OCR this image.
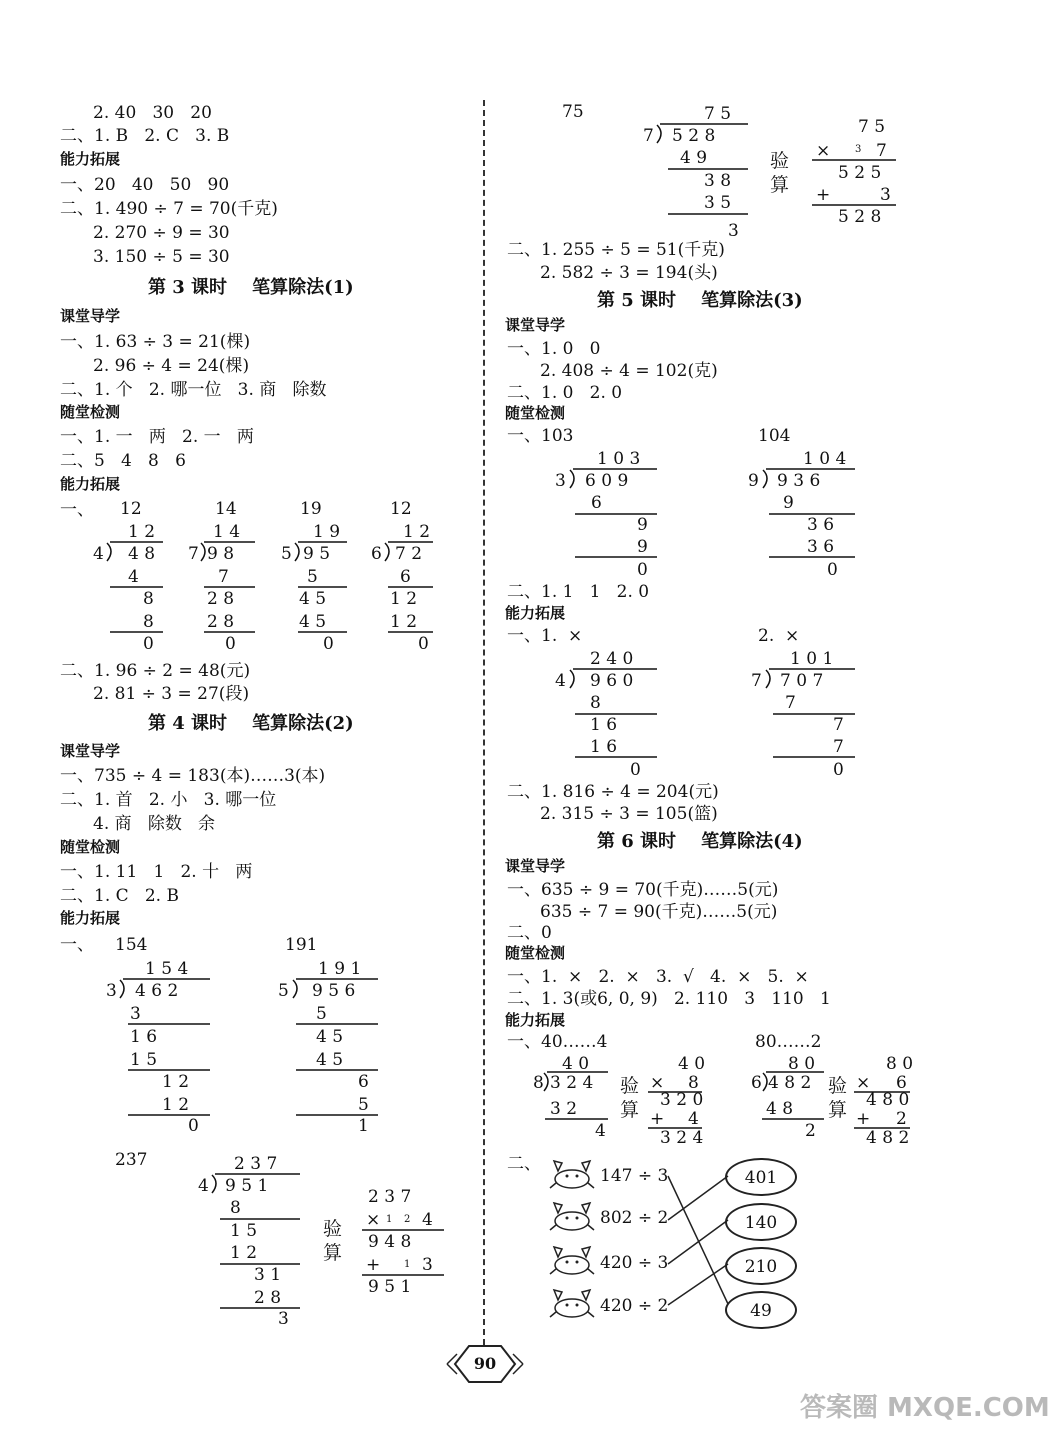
2. 40   30   20
二、1. B   2. C   3. B
能力拓展
一、20   40   50   90
二、1. 490 ÷ 7 = 70(千克)
2. 270 ÷ 9 = 30
3. 150 ÷ 5 = 30
第 3 课时    笔算除法(1)
课堂导学
一、1. 63 ÷ 3 = 21(棵)
2. 96 ÷ 4 = 24(棵)
二、1. 个   2. 哪一位   3. 商   除数
随堂检测
一、1. 一   两   2. 一   两
二、5   4   8   6
能力拓展
一、 12
1 2
4 4 8
4
8
8
0
14
1 4
7 9 8
7
2 8
2 8
0
19
1 9
5 9 5
5
4 5
4 5
0
12
1 2
6 7 2
6
1 2
1 2
0
二、1. 96 ÷ 2 = 48(元)
2. 81 ÷ 3 = 27(段)
第 4 课时    笔算除法(2)
课堂导学
一、735 ÷ 4 = 183(本)……3(本)
二、1. 首   2. 小   3. 哪一位
4. 商   除数   余
随堂检测
一、1. 11   1   2. 十   两
二、1. C   2. B
能力拓展
一、 154	191
1 5 4
3 4 6 2
3
1 6
1 5
1 2
1 2
0
1 9 1
5 9 5 6
5
4 5
4 5
6
5
1
237	2 3 7
4 9 5 1
8
1 5
1 2
3 1
2 8
3
2 3 7
× 1 2 4
9 4 8
+ 1 3
9 5 1
验
算
75	7 5
7 5 2 8
4 9
3 8
3 5
3
7 5
× 3 7
5 2 5
+	3
5 2 8
验
算
二、1. 255 ÷ 5 = 51(千克)
2. 582 ÷ 3 = 194(头)
第 5 课时    笔算除法(3)
课堂导学
一、1. 0   0
2. 408 ÷ 4 = 102(克)
二、1. 0   2. 0
随堂检测
一、103	104
1 0 3
3 6 0 9
6
9
9
0
1 0 4
9 9 3 6
9
3 6
3 6
0
二、1. 1   1   2. 0
能力拓展
一、1.  ×	2.  ×
2 4 0
4 9 6 0
8
1 6
1 6
0
1 0 1
7 7 0 7
7
7
7
0
二、1. 816 ÷ 4 = 204(元)
2. 315 ÷ 3 = 105(篮)
第 6 课时    笔算除法(4)
课堂导学
一、635 ÷ 9 = 70(千克)……5(元)
635 ÷ 7 = 90(千克)……5(元)
二、0
随堂检测
一、1.  ×   2.  ×   3.  √   4.  ×   5.  ×
二、1. 3(或6, 0, 9)   2. 110   3   110   1
能力拓展
一、40……4	80……2
4 0
8 3 2 4
3 2
4
验
算
4 0
× 8
3 2 0
+ 4
3 2 4
8 0
6 4 8 2
4 8
2
验
算
8 0
× 6
4 8 0
+ 2
4 8 2
二、
147 ÷ 3
802 ÷ 2
420 ÷ 3
420 ÷ 2
401
140
210
49
90
答案圈 MXQE.COM
